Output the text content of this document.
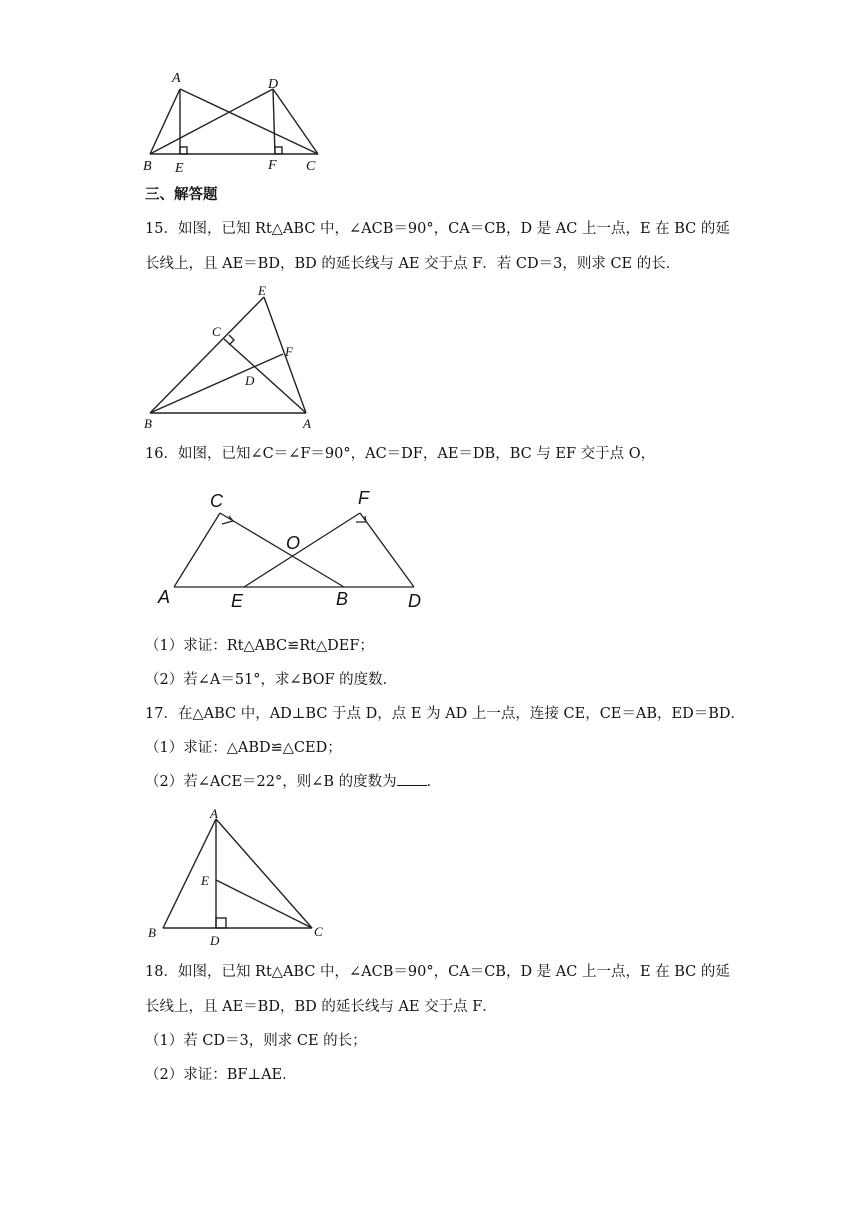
A	D
B E	F C
三、解答题
15．如图，已知 Rt△ABC 中，∠ACB＝90°，CA＝CB，D 是 AC 上一点，E 在 BC 的延
长线上，且 AE＝BD，BD 的延长线与 AE 交于点 F．若 CD＝3，则求 CE 的长．
E
C
F
D
B	A
16．如图，已知∠C＝∠F＝90°，AC＝DF，AE＝DB，BC 与 EF 交于点 O，
C	F
O
A	E	B	D
（1）求证：Rt△ABC≌Rt△DEF；
（2）若∠A＝51°，求∠BOF 的度数．
17．在△ABC 中，AD⊥BC 于点 D，点 E 为 AD 上一点，连接 CE，CE＝AB，ED＝BD．
（1）求证：△ABD≌△CED；
（2）若∠ACE＝22°，则∠B 的度数为 ．
A
E
B
D
C
18．如图，已知 Rt△ABC 中，∠ACB＝90°，CA＝CB，D 是 AC 上一点，E 在 BC 的延
长线上，且 AE＝BD，BD 的延长线与 AE 交于点 F．
（1）若 CD＝3，则求 CE 的长；
（2）求证：BF⊥AE．
